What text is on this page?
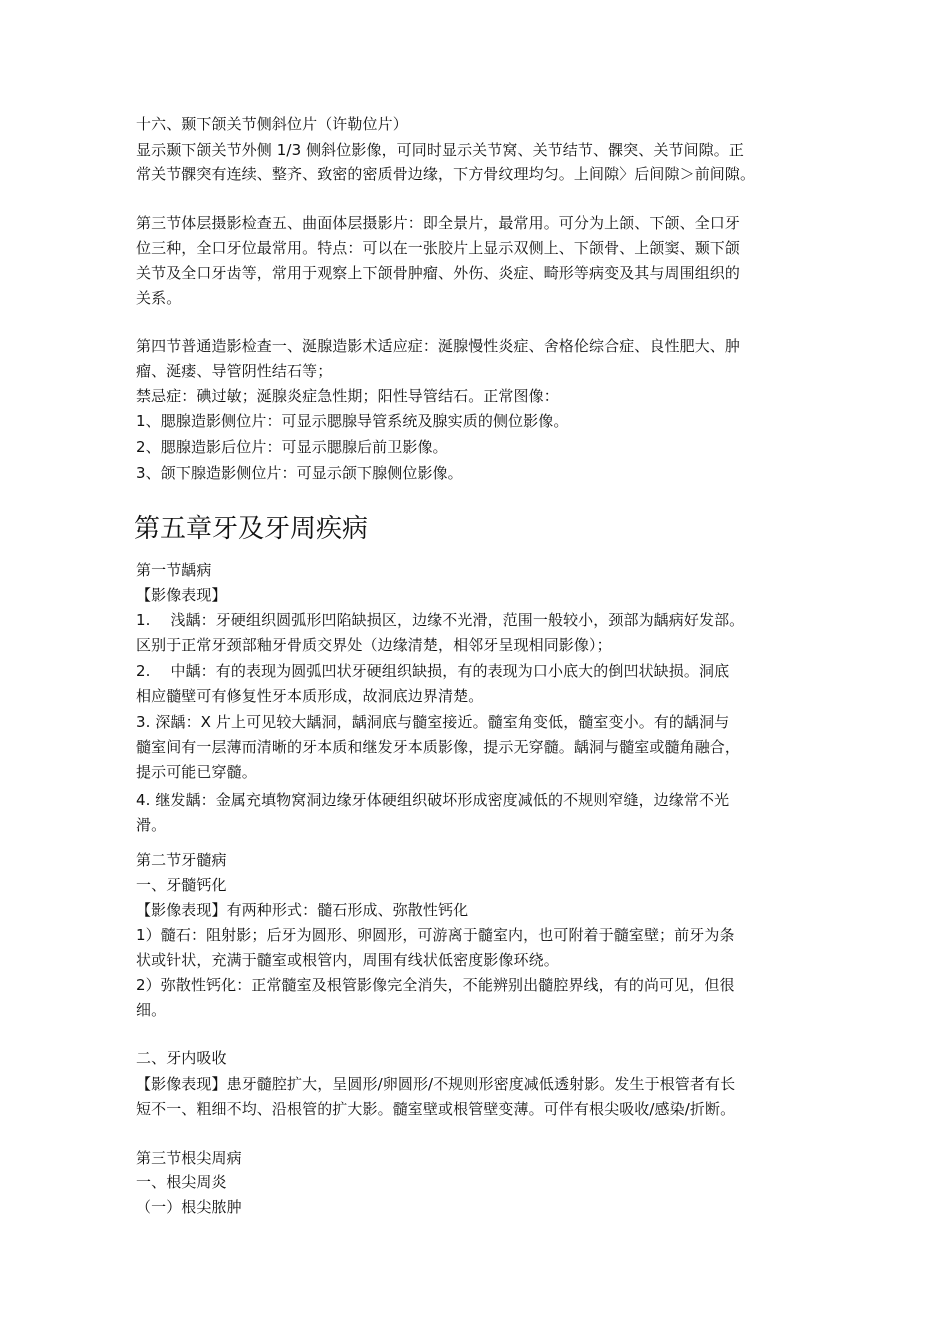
十六、颞下颌关节侧斜位片（许勒位片）
显示颞下颌关节外侧 1/3 侧斜位影像，可同时显示关节窝、关节结节、髁突、关节间隙。正
常关节髁突有连续、整齐、致密的密质骨边缘，下方骨纹理均匀。上间隙〉后间隙＞前间隙。
第三节体层摄影检查五、曲面体层摄影片：即全景片，最常用。可分为上颌、下颌、全口牙
位三种，全口牙位最常用。特点：可以在一张胶片上显示双侧上、下颌骨、上颌窦、颞下颌
关节及全口牙齿等，常用于观察上下颌骨肿瘤、外伤、炎症、畸形等病变及其与周围组织的
关系。
第四节普通造影检查一、涎腺造影术适应症：涎腺慢性炎症、舍格伦综合症、良性肥大、肿
瘤、涎瘘、导管阴性结石等；
禁忌症：碘过敏；涎腺炎症急性期；阳性导管结石。正常图像：
1、腮腺造影侧位片：可显示腮腺导管系统及腺实质的侧位影像。
2、腮腺造影后位片：可显示腮腺后前卫影像。
3、颌下腺造影侧位片：可显示颌下腺侧位影像。
第五章牙及牙周疾病
第一节龋病
【影像表现】
1.　 浅龋：牙硬组织圆弧形凹陷缺损区，边缘不光滑，范围一般较小，颈部为龋病好发部。
区别于正常牙颈部釉牙骨质交界处（边缘清楚，相邻牙呈现相同影像）；
2.　 中龋：有的表现为圆弧凹状牙硬组织缺损，有的表现为口小底大的倒凹状缺损。洞底
相应髓壁可有修复性牙本质形成，故洞底边界清楚。
3. 深龋：X 片上可见较大龋洞，龋洞底与髓室接近。髓室角变低，髓室变小。有的龋洞与
髓室间有一层薄而清晰的牙本质和继发牙本质影像，提示无穿髓。龋洞与髓室或髓角融合，
提示可能已穿髓。
4. 继发龋：金属充填物窝洞边缘牙体硬组织破坏形成密度减低的不规则窄缝，边缘常不光
滑。
第二节牙髓病
一、牙髓钙化
【影像表现】有两种形式：髓石形成、弥散性钙化
1）髓石：阻射影；后牙为圆形、卵圆形，可游离于髓室内，也可附着于髓室壁；前牙为条
状或针状，充满于髓室或根管内，周围有线状低密度影像环绕。
2）弥散性钙化：正常髓室及根管影像完全消失，不能辨别出髓腔界线，有的尚可见，但很
细。
二、牙内吸收
【影像表现】患牙髓腔扩大，呈圆形/卵圆形/不规则形密度减低透射影。发生于根管者有长
短不一、粗细不均、沿根管的扩大影。髓室壁或根管壁变薄。可伴有根尖吸收/感染/折断。
第三节根尖周病
一、根尖周炎
（一）根尖脓肿
